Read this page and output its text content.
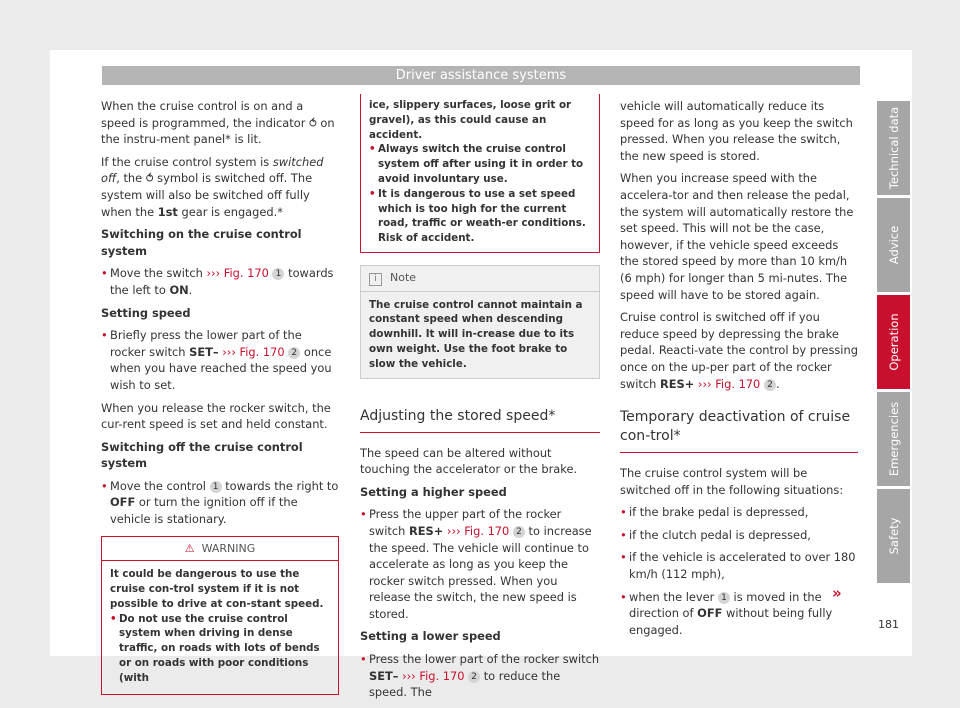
Driver assistance systems

When the cruise control is on and a speed is programmed, the indicator ⥀ on the instru-ment panel* is lit.

If the cruise control system is switched off, the ⥀ symbol is switched off. The system will also be switched off fully when the 1st gear is engaged.*

Switching on the cruise control system

• Move the switch ››› Fig. 170 1 towards the left to ON.

Setting speed

• Briefly press the lower part of the rocker switch SET– ››› Fig. 170 2 once when you have reached the speed you wish to set.

When you release the rocker switch, the cur-rent speed is set and held constant.

Switching off the cruise control system

• Move the control 1 towards the right to OFF or turn the ignition off if the vehicle is stationary.

⚠ WARNING
It could be dangerous to use the cruise con-trol system if it is not possible to drive at con-stant speed.
• Do not use the cruise control system when driving in dense traffic, on roads with lots of bends or on roads with poor conditions (with
ice, slippery surfaces, loose grit or gravel), as this could cause an accident.
• Always switch the cruise control system off after using it in order to avoid involuntary use.
• It is dangerous to use a set speed which is too high for the current road, traffic or weath-er conditions. Risk of accident.
i Note
The cruise control cannot maintain a constant speed when descending downhill. It will in-crease due to its own weight. Use the foot brake to slow the vehicle.
Adjusting the stored speed*

The speed can be altered without touching the accelerator or the brake.

Setting a higher speed

• Press the upper part of the rocker switch RES+ ››› Fig. 170 2 to increase the speed. The vehicle will continue to accelerate as long as you keep the rocker switch pressed. When you release the switch, the new speed is stored.

Setting a lower speed

• Press the lower part of the rocker switch SET– ››› Fig. 170 2 to reduce the speed. The

vehicle will automatically reduce its speed for as long as you keep the switch pressed. When you release the switch, the new speed is stored.

When you increase speed with the accelera-tor and then release the pedal, the system will automatically restore the set speed. This will not be the case, however, if the vehicle speed exceeds the stored speed by more than 10 km/h (6 mph) for longer than 5 mi-nutes. The speed will have to be stored again.

Cruise control is switched off if you reduce speed by depressing the brake pedal. Reacti-vate the control by pressing once on the up-per part of the rocker switch RES+ ››› Fig. 170 2 .

Temporary deactivation of cruise con-trol*

The cruise control system will be switched off in the following situations:

• if the brake pedal is depressed,

• if the clutch pedal is depressed,

• if the vehicle is accelerated to over 180 km/h (112 mph),

• when the lever 1 is moved in the direction of OFF without being fully engaged.

»
Technical data
Advice
Operation
Emergencies
Safety
181
